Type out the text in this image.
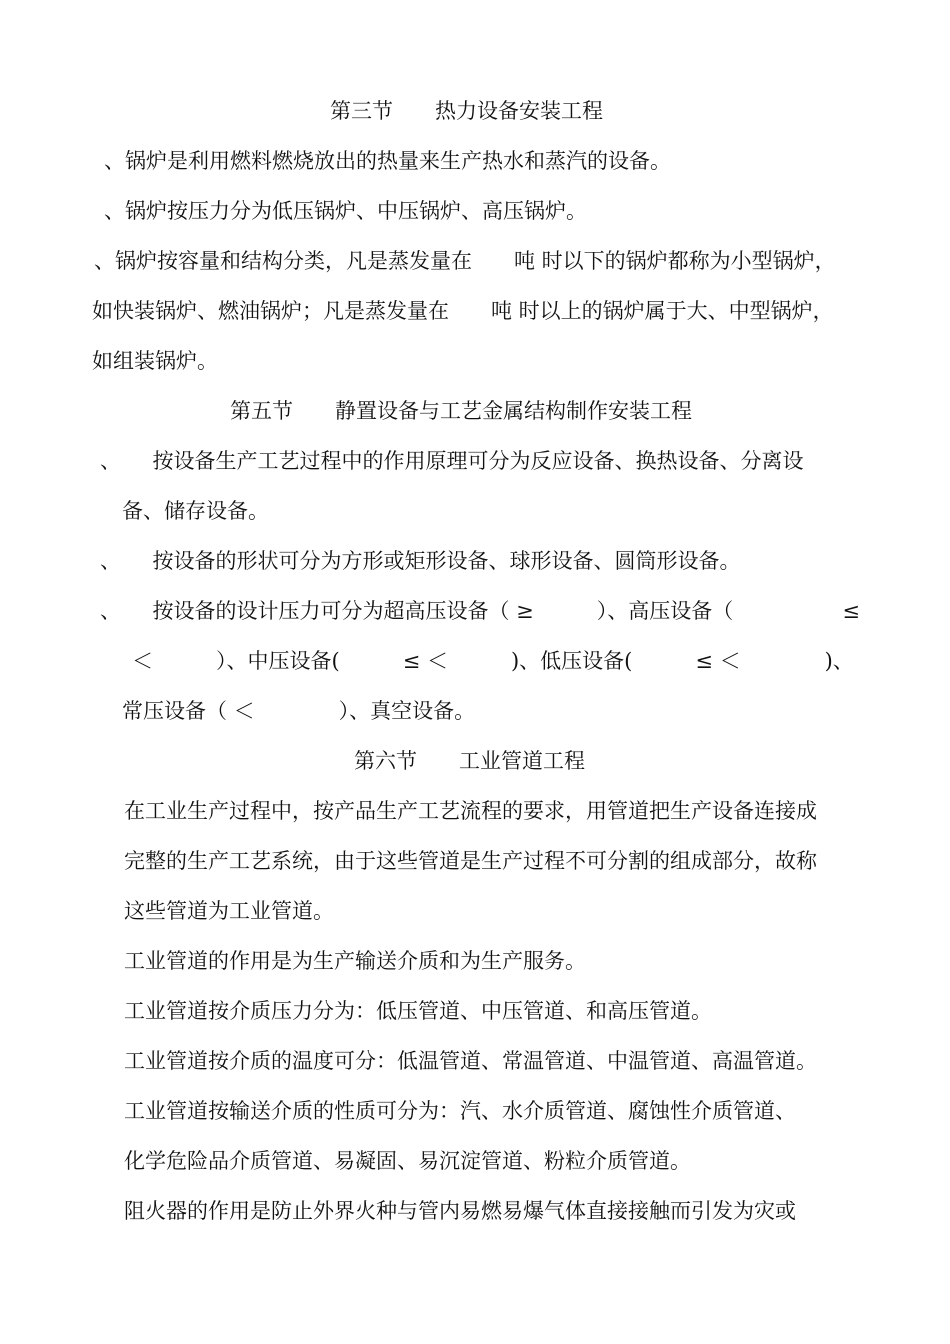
第三节　　热力设备安装工程
、锅炉是利用燃料燃烧放出的热量来生产热水和蒸汽的设备。
、锅炉按压力分为低压锅炉、中压锅炉、高压锅炉。
、锅炉按容量和结构分类，凡是蒸发量在　　吨 时以下的锅炉都称为小型锅炉，
如快装锅炉、燃油锅炉；凡是蒸发量在　　吨 时以上的锅炉属于大、中型锅炉，
如组装锅炉。
第五节　　静置设备与工艺金属结构制作安装工程
、　　按设备生产工艺过程中的作用原理可分为反应设备、换热设备、分离设
备、储存设备。
、　　按设备的形状可分为方形或矩形设备、球形设备、圆筒形设备。
、　　按设备的设计压力可分为超高压设备（ ≥　　　）、高压设备（	≤
＜　　　）、中压设备(　　　≤ ＜　　　)、低压设备(　　　≤ ＜　　　　)、
常压设备（ ＜　　　　）、真空设备。
第六节　　工业管道工程
在工业生产过程中，按产品生产工艺流程的要求，用管道把生产设备连接成
完整的生产工艺系统，由于这些管道是生产过程不可分割的组成部分，故称
这些管道为工业管道。
工业管道的作用是为生产输送介质和为生产服务。
工业管道按介质压力分为：低压管道、中压管道、和高压管道。
工业管道按介质的温度可分：低温管道、常温管道、中温管道、高温管道。
工业管道按输送介质的性质可分为：汽、水介质管道、腐蚀性介质管道、
化学危险品介质管道、易凝固、易沉淀管道、粉粒介质管道。
阻火器的作用是防止外界火种与管内易燃易爆气体直接接触而引发为灾或
